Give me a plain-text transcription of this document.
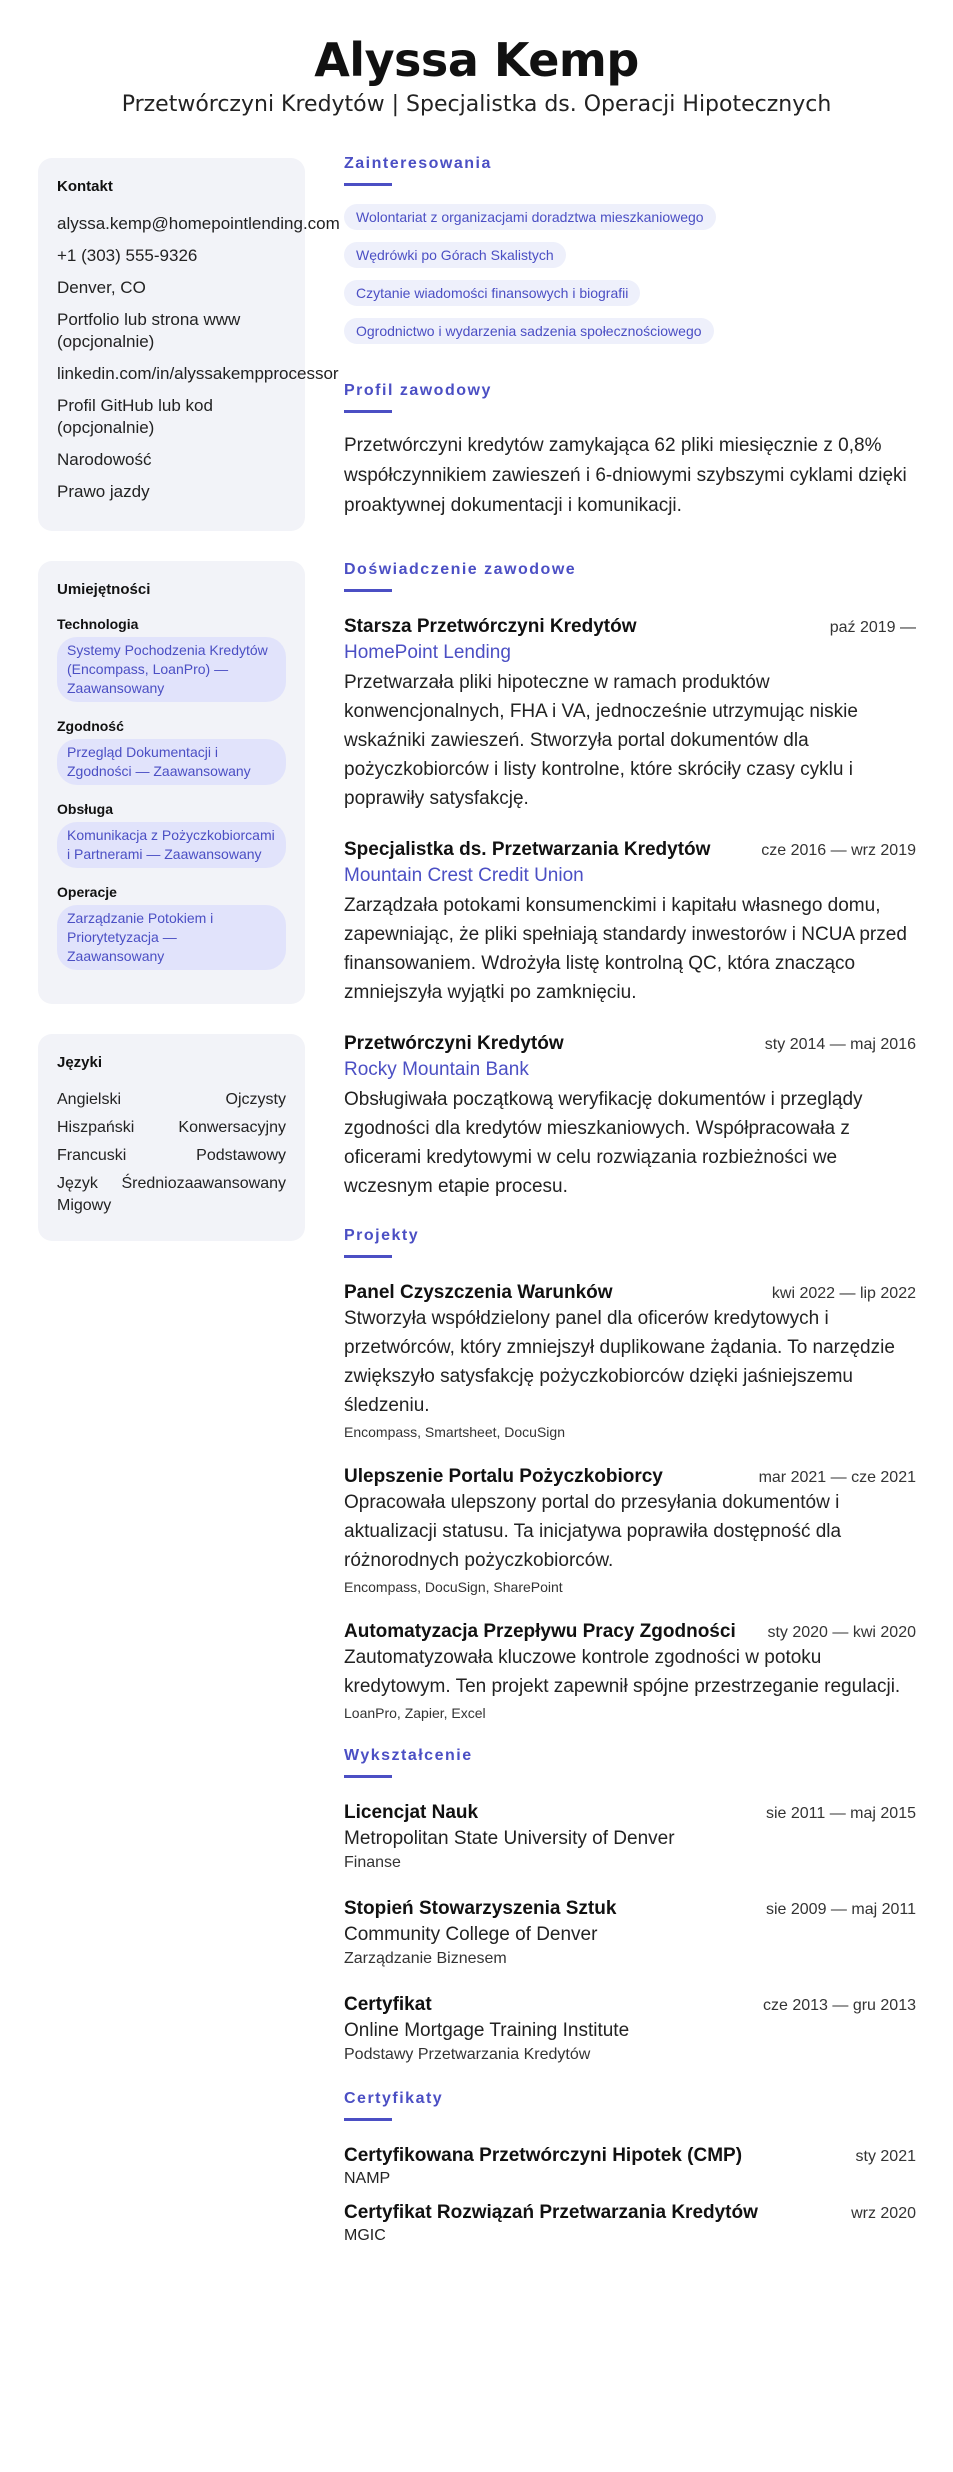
Alyssa Kemp
Przetwórczyni Kredytów | Specjalistka ds. Operacji Hipotecznych
Kontakt
alyssa.kemp@homepointlending.com
+1 (303) 555-9326
Denver, CO
Portfolio lub strona www (opcjonalnie)
linkedin.com/in/alyssakempprocessor
Profil GitHub lub kod (opcjonalnie)
Narodowość
Prawo jazdy
Umiejętności
Technologia
Systemy Pochodzenia Kredytów (Encompass, LoanPro) — Zaawansowany
Zgodność
Przegląd Dokumentacji i Zgodności — Zaawansowany
Obsługa
Komunikacja z Pożyczkobiorcami i Partnerami — Zaawansowany
Operacje
Zarządzanie Potokiem i Priorytetyzacja — Zaawansowany
Języki
Angielski	Ojczysty
Hiszpański	Konwersacyjny
Francuski	Podstawowy
Język Migowy
Średniozaawansowany
Zainteresowania
Wolontariat z organizacjami doradztwa mieszkaniowego
Wędrówki po Górach Skalistych
Czytanie wiadomości finansowych i biografii
Ogrodnictwo i wydarzenia sadzenia społecznościowego
Profil zawodowy
Przetwórczyni kredytów zamykająca 62 pliki miesięcznie z 0,8% współczynnikiem zawieszeń i 6-dniowymi szybszymi cyklami dzięki proaktywnej dokumentacji i komunikacji.
Doświadczenie zawodowe
Starsza Przetwórczyni Kredytów	paź 2019 —
HomePoint Lending
Przetwarzała pliki hipoteczne w ramach produktów konwencjonalnych, FHA i VA, jednocześnie utrzymując niskie wskaźniki zawieszeń. Stworzyła portal dokumentów dla pożyczkobiorców i listy kontrolne, które skróciły czasy cyklu i poprawiły satysfakcję.
Specjalistka ds. Przetwarzania Kredytów	cze 2016 — wrz 2019
Mountain Crest Credit Union
Zarządzała potokami konsumenckimi i kapitału własnego domu, zapewniając, że pliki spełniają standardy inwestorów i NCUA przed finansowaniem. Wdrożyła listę kontrolną QC, która znacząco zmniejszyła wyjątki po zamknięciu.
Przetwórczyni Kredytów	sty 2014 — maj 2016
Rocky Mountain Bank
Obsługiwała początkową weryfikację dokumentów i przeglądy zgodności dla kredytów mieszkaniowych. Współpracowała z oficerami kredytowymi w celu rozwiązania rozbieżności we wczesnym etapie procesu.
Projekty
Panel Czyszczenia Warunków	kwi 2022 — lip 2022
Stworzyła współdzielony panel dla oficerów kredytowych i przetwórców, który zmniejszył duplikowane żądania. To narzędzie zwiększyło satysfakcję pożyczkobiorców dzięki jaśniejszemu śledzeniu.
Encompass, Smartsheet, DocuSign
Ulepszenie Portalu Pożyczkobiorcy	mar 2021 — cze 2021
Opracowała ulepszony portal do przesyłania dokumentów i aktualizacji statusu. Ta inicjatywa poprawiła dostępność dla różnorodnych pożyczkobiorców.
Encompass, DocuSign, SharePoint
Automatyzacja Przepływu Pracy Zgodności sty 2020 — kwi 2020
Zautomatyzowała kluczowe kontrole zgodności w potoku kredytowym. Ten projekt zapewnił spójne przestrzeganie regulacji.
LoanPro, Zapier, Excel
Wykształcenie
Licencjat Nauk	sie 2011 — maj 2015
Metropolitan State University of Denver
Finanse
Stopień Stowarzyszenia Sztuk	sie 2009 — maj 2011
Community College of Denver
Zarządzanie Biznesem
Certyfikat	cze 2013 — gru 2013
Online Mortgage Training Institute
Podstawy Przetwarzania Kredytów
Certyfikaty
Certyfikowana Przetwórczyni Hipotek (CMP)	sty 2021
NAMP
Certyfikat Rozwiązań Przetwarzania Kredytów	wrz 2020
MGIC
